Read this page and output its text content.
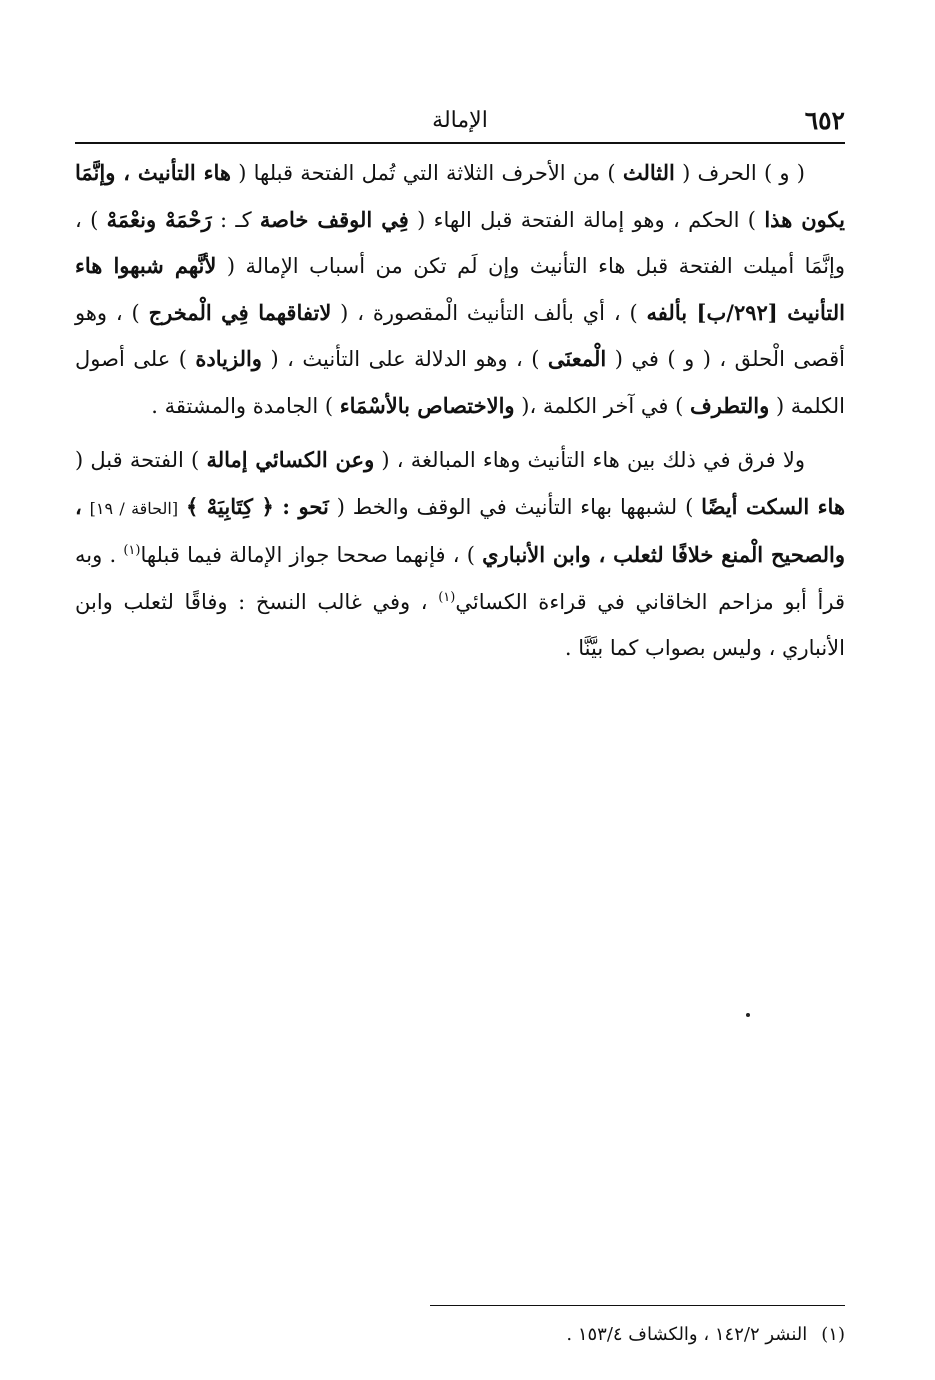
٦٥٢
الإمالة

( و ) الحرف ( الثالث ) من الأحرف الثلاثة التي تُمل الفتحة قبلها ( هاء التأنيث ، وإنَّمَا يكون هذا ) الحكم ، وهو إمالة الفتحة قبل الهاء ( فِي الوقف خاصة كـ : رَحْمَهْ ونعْمَهْ ) ، وإنَّمَا أميلت الفتحة قبل هاء التأنيث وإن لَم تكن من أسباب الإمالة ( لأنَّهم شبهوا هاء التأنيث [٢٩٢/ب] بألفه ) ، أي بألف التأنيث الْمقصورة ، ( لاتفاقهما فِي الْمخرج ) ، وهو أقصى الْحلق ، ( و ) في ( الْمعنَى ) ، وهو الدلالة على التأنيث ، ( والزيادة ) على أصول الكلمة ( والتطرف ) في آخر الكلمة ،( والاختصاص بالأسْمَاء ) الجامدة والمشتقة .

ولا فرق في ذلك بين هاء التأنيث وهاء المبالغة ، ( وعن الكسائي إمالة ) الفتحة قبل ( هاء السكت أيضًا ) لشبهها بهاء التأنيث في الوقف والخط ( نَحو : ﴿ كِتَابِيَهْ ﴾ [الحاقة / ١٩] ، والصحيح الْمنع خلافًا لثعلب ، وابن الأنباري ) ، فإنهما صححا جواز الإمالة فيما قبلها$^{(١)}$ . وبه قرأ أبو مزاحم الخاقاني في قراءة الكسائي$^{(١)}$ ، وفي غالب النسخ : وفاقًا لثعلب وابن الأنباري ، وليس بصواب كما بيَّنَّا .

(١)النشر ١٤٢/٢ ، والكشاف ١٥٣/٤ .
